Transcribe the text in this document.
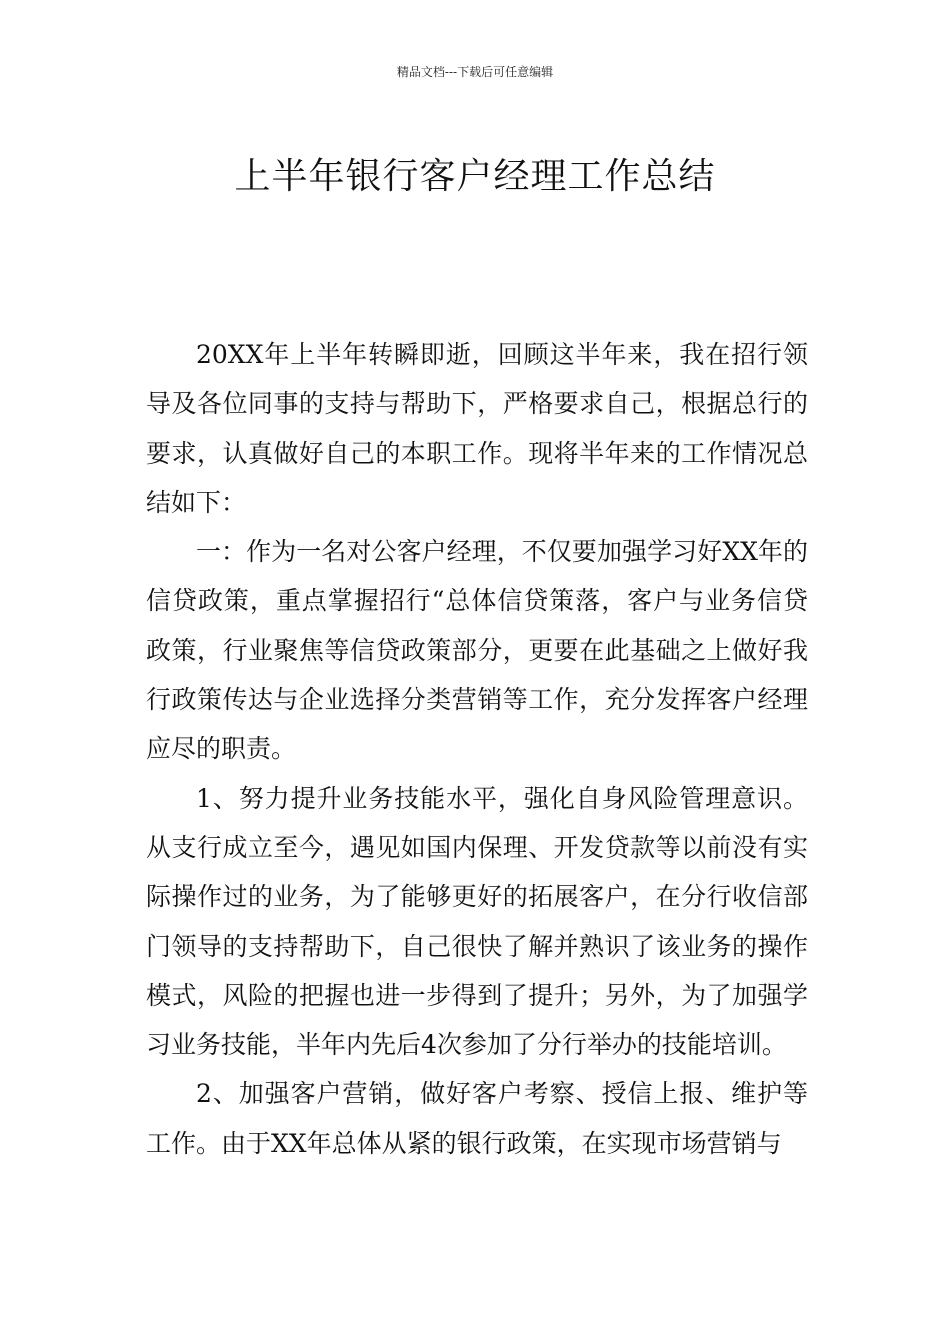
精品文档---下载后可任意编辑
上半年银行客户经理工作总结

20XX年上半年转瞬即逝，回顾这半年来，我在招行领导及各位同事的支持与帮助下，严格要求自己，根据总行的要求，认真做好自己的本职工作。现将半年来的工作情况总结如下：

一：作为一名对公客户经理，不仅要加强学习好XX年的信贷政策，重点掌握招行“总体信贷策落，客户与业务信贷政策，行业聚焦等信贷政策部分，更要在此基础之上做好我行政策传达与企业选择分类营销等工作，充分发挥客户经理应尽的职责。

1、努力提升业务技能水平，强化自身风险管理意识。从支行成立至今，遇见如国内保理、开发贷款等以前没有实际操作过的业务，为了能够更好的拓展客户，在分行收信部门领导的支持帮助下，自己很快了解并熟识了该业务的操作模式，风险的把握也进一步得到了提升；另外，为了加强学习业务技能，半年内先后4次参加了分行举办的技能培训。

2、加强客户营销，做好客户考察、授信上报、维护等工作。由于XX年总体从紧的银行政策，在实现市场营销与
